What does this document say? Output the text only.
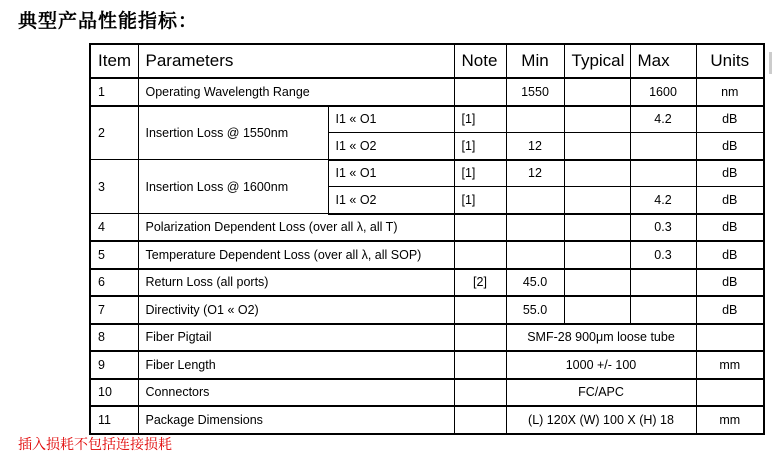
典型产品性能指标：
Item	Parameters		Note	Min	Typical	Max	Units
1	Operating Wavelength Range			1550		1600	nm
2	Insertion Loss @ 1550nm	I1 « O1	[1]			4.2	dB
		I1 « O2	[1]	12			dB
3	Insertion Loss @ 1600nm	I1 « O1	[1]	12			dB
		I1 « O2	[1]			4.2	dB
4	Polarization Dependent Loss (over all λ, all T)					0.3	dB
5	Temperature Dependent Loss (over all λ, all SOP)					0.3	dB
6	Return Loss (all ports)		[2]	45.0			dB
7	Directivity (O1 « O2)			55.0			dB
8	Fiber Pigtail			SMF-28 900μm loose tube			
9	Fiber Length			1000 +/- 100			mm
10	Connectors			FC/APC			
11	Package Dimensions			(L) 120X (W) 100 X (H) 18			mm
插入损耗不包括连接损耗
